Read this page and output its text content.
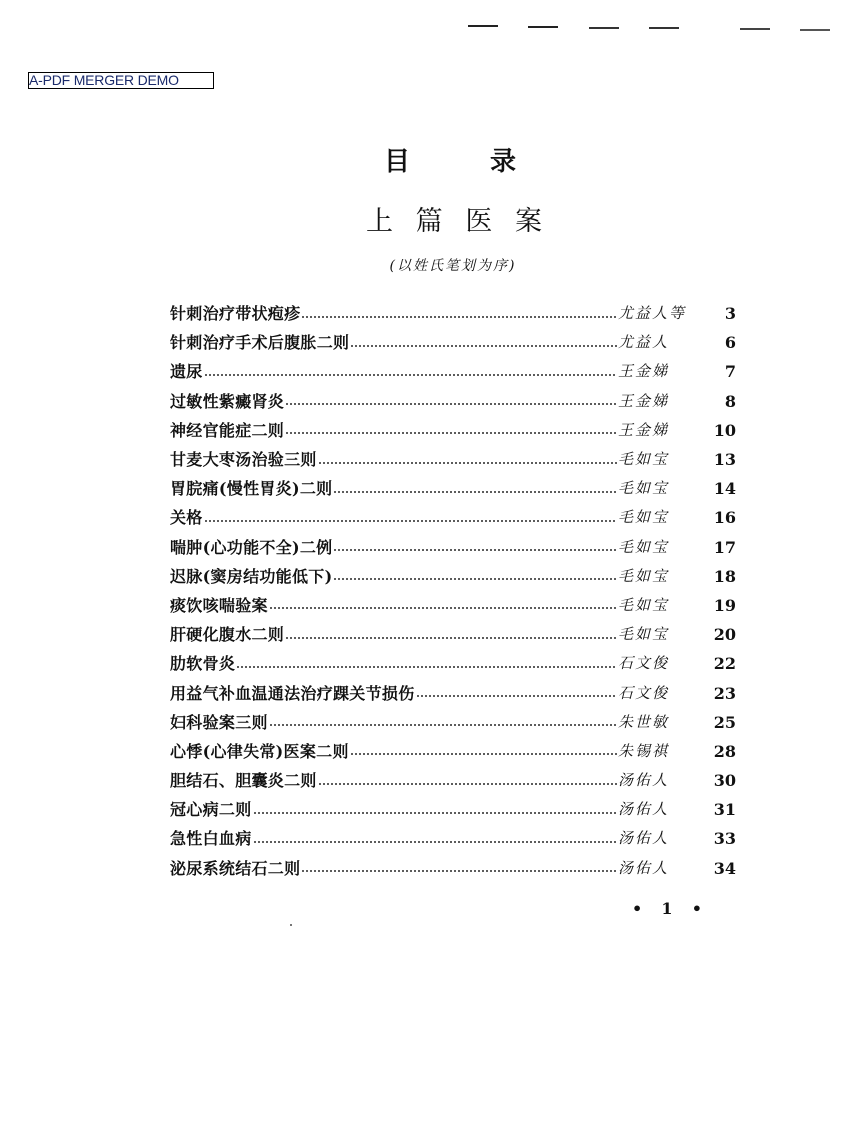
A-PDF MERGER DEMO
目	录
上 篇 医 案
(以姓氏笔划为序)
针刺治疗带状疱疹	尤益人等	3
针刺治疗手术后腹胀二则	尤益人	6
遗尿	王金娣	7
过敏性紫癜肾炎	王金娣	8
神经官能症二则	王金娣	10
甘麦大枣汤治验三则	毛如宝	13
胃脘痛(慢性胃炎)二则	毛如宝	14
关格	毛如宝	16
喘肿(心功能不全)二例	毛如宝	17
迟脉(窦房结功能低下)	毛如宝	18
痰饮咳喘验案	毛如宝	19
肝硬化腹水二则	毛如宝	20
肋软骨炎	石文俊	22
用益气补血温通法治疗踝关节损伤	石文俊	23
妇科验案三则	朱世敏	25
心悸(心律失常)医案二则	朱锡祺	28
胆结石、胆囊炎二则	汤佑人	30
冠心病二则	汤佑人	31
急性白血病	汤佑人	33
泌尿系统结石二则	汤佑人	34
• 1 •
